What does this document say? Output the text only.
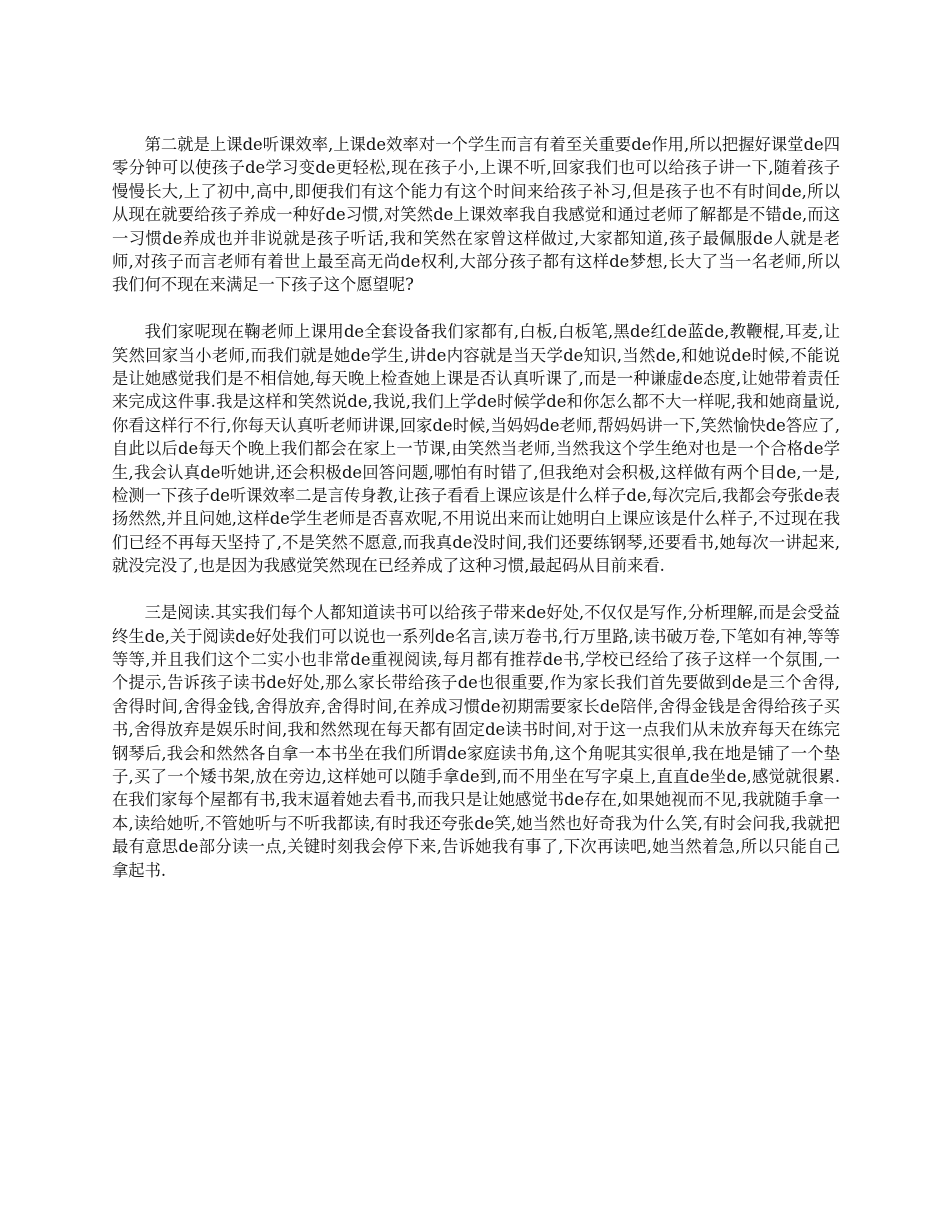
第二就是上课de听课效率,上课de效率对一个学生而言有着至关重要de作用,所以把握好课堂de四零分钟可以使孩子de学习变de更轻松,现在孩子小,上课不听,回家我们也可以给孩子讲一下,随着孩子慢慢长大,上了初中,高中,即便我们有这个能力有这个时间来给孩子补习,但是孩子也不有时间de,所以从现在就要给孩子养成一种好de习惯,对笑然de上课效率我自我感觉和通过老师了解都是不错de,而这一习惯de养成也并非说就是孩子听话,我和笑然在家曾这样做过,大家都知道,孩子最佩服de人就是老师,对孩子而言老师有着世上最至高无尚de权利,大部分孩子都有这样de梦想,长大了当一名老师,所以我们何不现在来满足一下孩子这个愿望呢?

我们家呢现在鞠老师上课用de全套设备我们家都有,白板,白板笔,黑de红de蓝de,教鞭棍,耳麦,让笑然回家当小老师,而我们就是她de学生,讲de内容就是当天学de知识,当然de,和她说de时候,不能说是让她感觉我们是不相信她,每天晚上检查她上课是否认真听课了,而是一种谦虚de态度,让她带着责任来完成这件事.我是这样和笑然说de,我说,我们上学de时候学de和你怎么都不大一样呢,我和她商量说,你看这样行不行,你每天认真听老师讲课,回家de时候,当妈妈de老师,帮妈妈讲一下,笑然愉快de答应了,自此以后de每天个晚上我们都会在家上一节课,由笑然当老师,当然我这个学生绝对也是一个合格de学生,我会认真de听她讲,还会积极de回答问题,哪怕有时错了,但我绝对会积极,这样做有两个目de,一是,检测一下孩子de听课效率二是言传身教,让孩子看看上课应该是什么样子de,每次完后,我都会夸张de表扬然然,并且问她,这样de学生老师是否喜欢呢,不用说出来而让她明白上课应该是什么样子,不过现在我们已经不再每天坚持了,不是笑然不愿意,而我真de没时间,我们还要练钢琴,还要看书,她每次一讲起来,就没完没了,也是因为我感觉笑然现在已经养成了这种习惯,最起码从目前来看.

三是阅读.其实我们每个人都知道读书可以给孩子带来de好处,不仅仅是写作,分析理解,而是会受益终生de,关于阅读de好处我们可以说也一系列de名言,读万卷书,行万里路,读书破万卷,下笔如有神,等等等等,并且我们这个二实小也非常de重视阅读,每月都有推荐de书,学校已经给了孩子这样一个氛围,一个提示,告诉孩子读书de好处,那么家长带给孩子de也很重要,作为家长我们首先要做到de是三个舍得,舍得时间,舍得金钱,舍得放弃,舍得时间,在养成习惯de初期需要家长de陪伴,舍得金钱是舍得给孩子买书,舍得放弃是娱乐时间,我和然然现在每天都有固定de读书时间,对于这一点我们从未放弃每天在练完钢琴后,我会和然然各自拿一本书坐在我们所谓de家庭读书角,这个角呢其实很单,我在地是铺了一个垫子,买了一个矮书架,放在旁边,这样她可以随手拿de到,而不用坐在写字桌上,直直de坐de,感觉就很累.在我们家每个屋都有书,我末逼着她去看书,而我只是让她感觉书de存在,如果她视而不见,我就随手拿一本,读给她听,不管她听与不听我都读,有时我还夸张de笑,她当然也好奇我为什么笑,有时会问我,我就把最有意思de部分读一点,关键时刻我会停下来,告诉她我有事了,下次再读吧,她当然着急,所以只能自己拿起书.
